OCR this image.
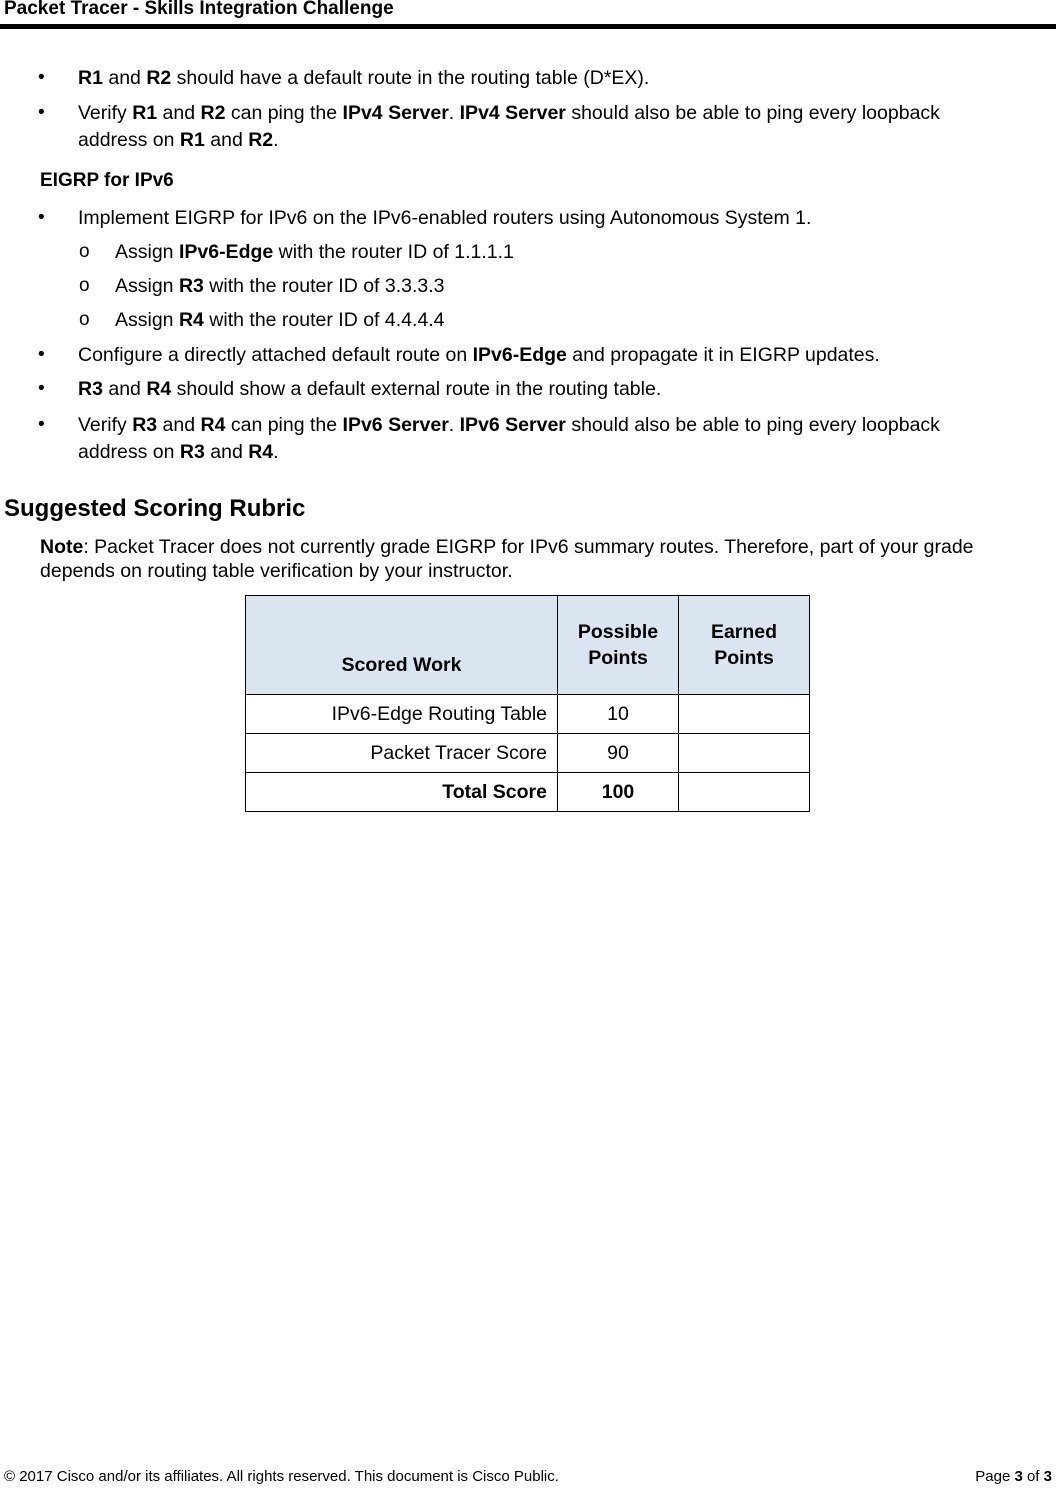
Packet Tracer - Skills Integration Challenge
• R1 and R2 should have a default route in the routing table (D*EX).
• Verify R1 and R2 can ping the IPv4 Server. IPv4 Server should also be able to ping every loopback
address on R1 and R2.
EIGRP for IPv6
• Implement EIGRP for IPv6 on the IPv6-enabled routers using Autonomous System 1.
o Assign IPv6-Edge with the router ID of 1.1.1.1
o Assign R3 with the router ID of 3.3.3.3
o Assign R4 with the router ID of 4.4.4.4
• Configure a directly attached default route on IPv6-Edge and propagate it in EIGRP updates.
• R3 and R4 should show a default external route in the routing table.
• Verify R3 and R4 can ping the IPv6 Server. IPv6 Server should also be able to ping every loopback
address on R3 and R4.
Suggested Scoring Rubric
Note: Packet Tracer does not currently grade EIGRP for IPv6 summary routes. Therefore, part of your grade depends on routing table verification by your instructor.
Scored Work	Possible Points	Earned Points
IPv6-Edge Routing Table	10	
Packet Tracer Score	90	
Total Score	100	
© 2017 Cisco and/or its affiliates. All rights reserved. This document is Cisco Public.	Page 3 of 3
